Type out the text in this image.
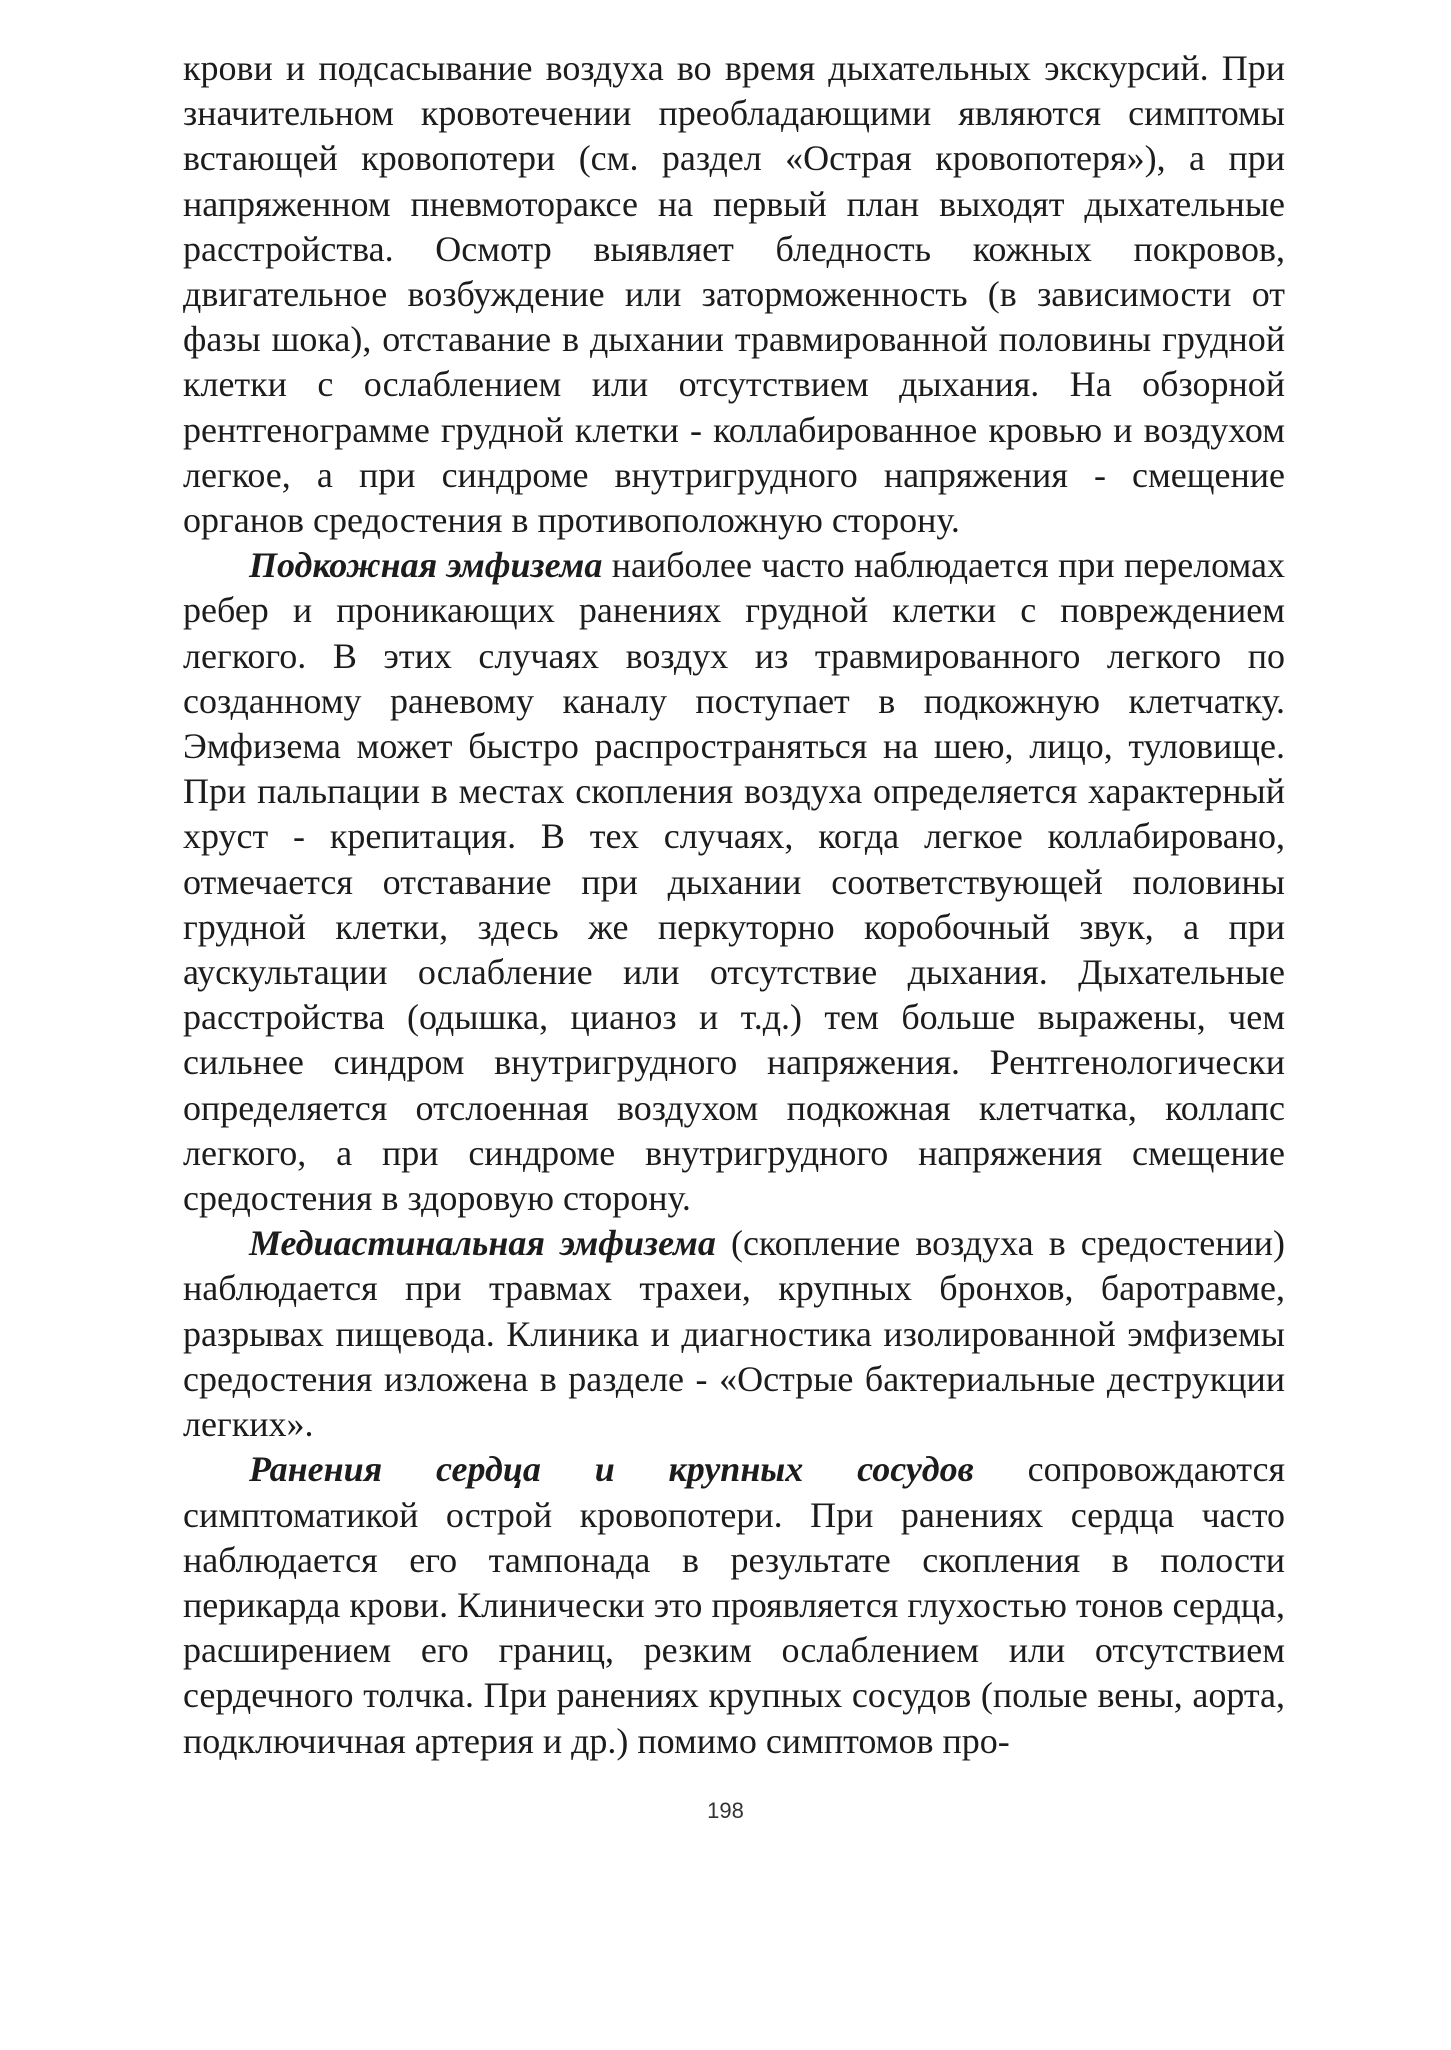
крови и подсасывание воздуха во время дыхательных экскурсий. При значительном кровотечении преобладающими являются симптомы встающей кровопотери (см. раздел «Острая кровопотеря»), а при напряженном пневмотораксе на первый план выходят дыхательные расстройства. Осмотр выявляет бледность кожных покровов, двигательное возбуждение или заторможенность (в зависимости от фазы шока), отставание в дыхании травмированной половины грудной клетки с ослаблением или отсутствием дыхания. На обзорной рентгенограмме грудной клетки - коллабированное кровью и воздухом легкое, а при синдроме внутригрудного напряжения - смещение органов средостения в противоположную сторону.

Подкожная эмфизема наиболее часто наблюдается при переломах ребер и проникающих ранениях грудной клетки с повреждением легкого. В этих случаях воздух из травмированного легкого по созданному раневому каналу поступает в подкожную клетчатку. Эмфизема может быстро распространяться на шею, лицо, туловище. При пальпации в местах скопления воздуха определяется характерный хруст - крепитация. В тех случаях, когда легкое коллабировано, отмечается отставание при дыхании соответствующей половины грудной клетки, здесь же перкуторно коробочный звук, а при аускультации ослабление или отсутствие дыхания. Дыхательные расстройства (одышка, цианоз и т.д.) тем больше выражены, чем сильнее синдром внутригрудного напряжения. Рентгенологически определяется отслоенная воздухом подкожная клетчатка, коллапс легкого, а при синдроме внутригрудного напряжения смещение средостения в здоровую сторону.

Медиастинальная эмфизема (скопление воздуха в средостении) наблюдается при травмах трахеи, крупных бронхов, баротравме, разрывах пищевода. Клиника и диагностика изолированной эмфиземы средостения изложена в разделе - «Острые бактериальные деструкции легких».

Ранения сердца и крупных сосудов сопровождаются симптоматикой острой кровопотери. При ранениях сердца часто наблюдается его тампонада в результате скопления в полости перикарда крови. Клинически это проявляется глухостью тонов сердца, расширением его границ, резким ослаблением или отсутствием сердечного толчка. При ранениях крупных сосудов (полые вены, аорта, подключичная артерия и др.) помимо симптомов про-

198
